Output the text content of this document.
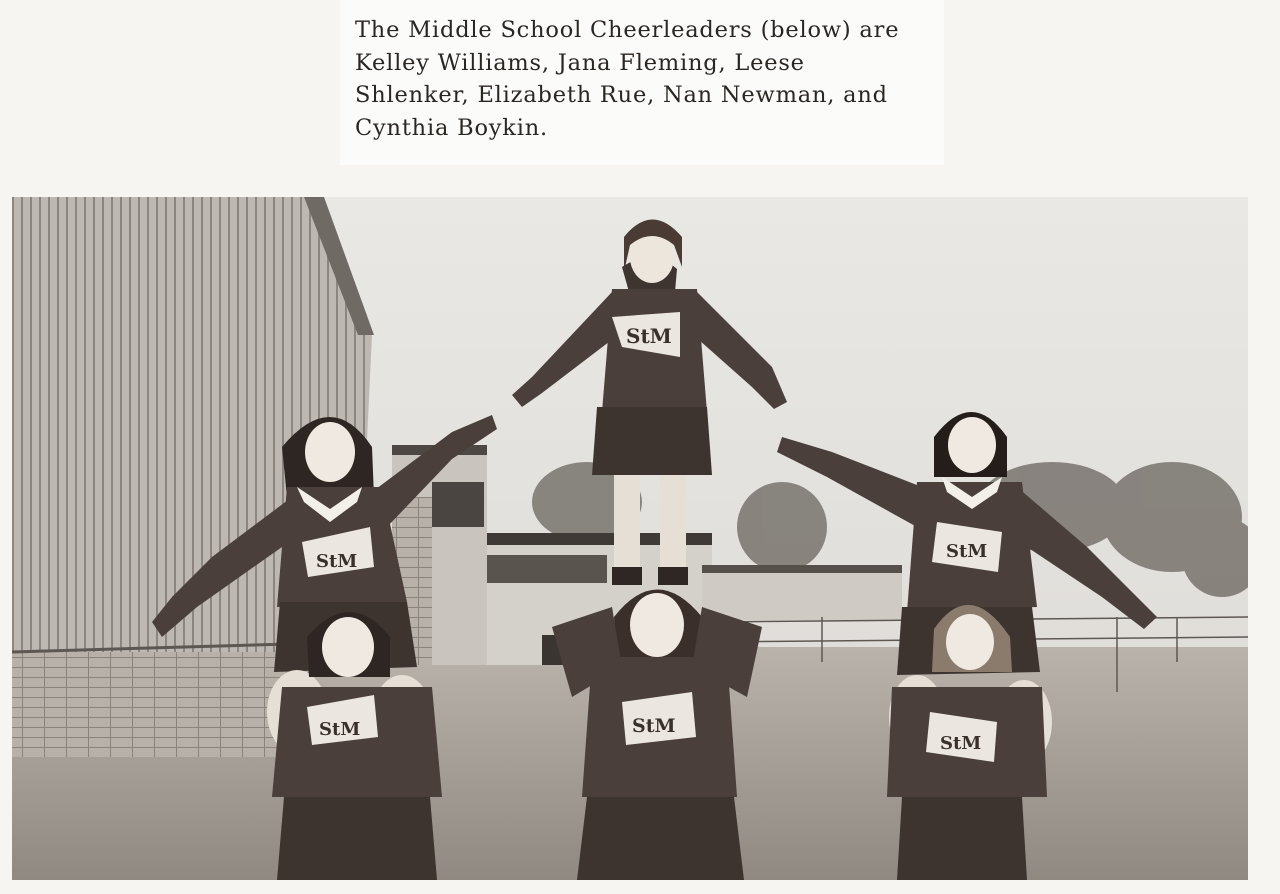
The Middle School Cheerleaders (below) are
Kelley Williams, Jana Fleming, Leese
Shlenker, Elizabeth Rue, Nan Newman, and
Cynthia Boykin.

StM
StM
StM	StM
StM
StM
